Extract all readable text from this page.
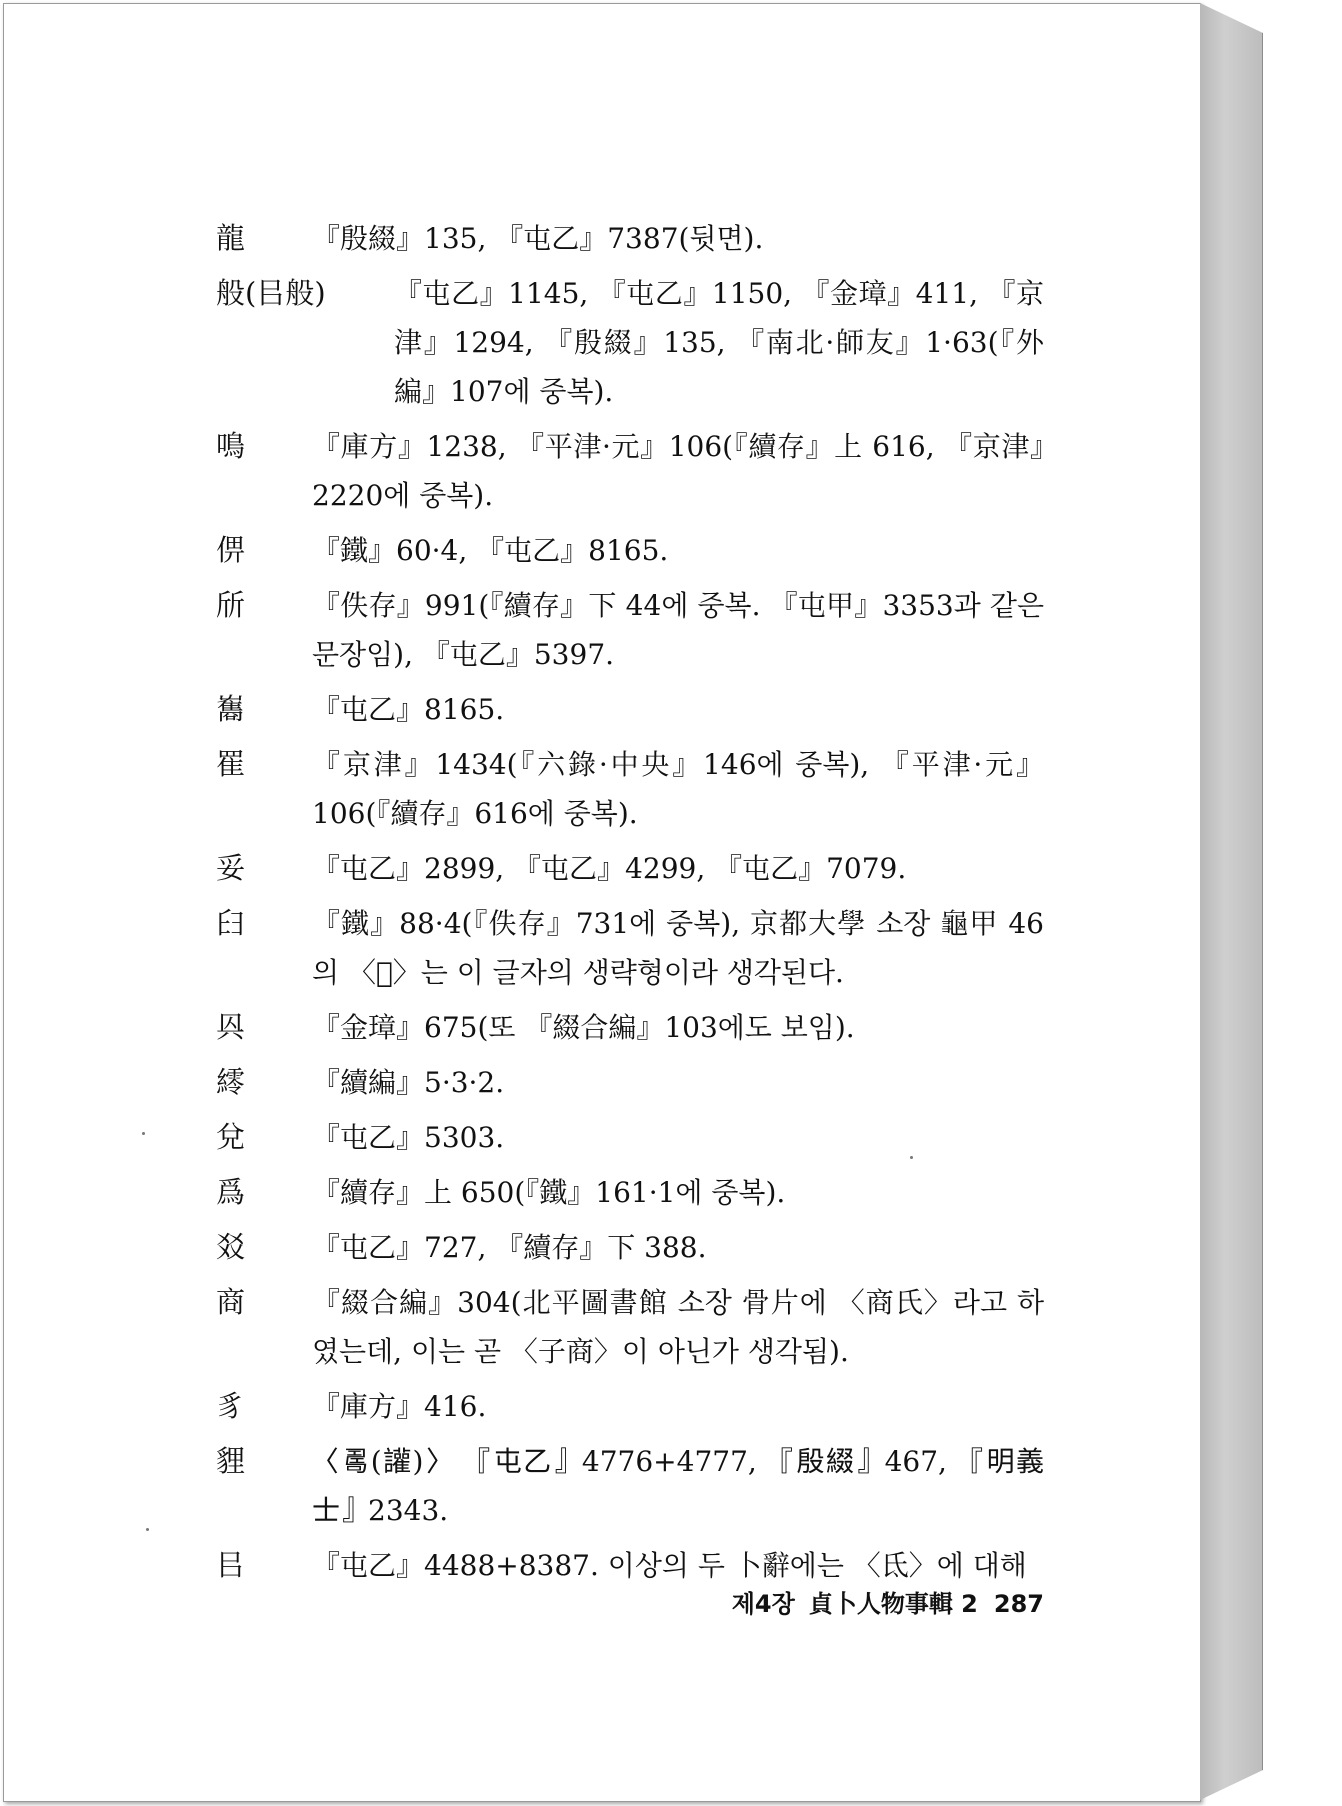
龍 『殷綴』135, 『屯乙』7387(뒷면).
般(㠯般) 『屯乙』1145, 『屯乙』1150, 『金璋』411, 『京津』1294, 『殷綴』135, 『南北·師友』1·63(『外編』107에 중복).
鳴 『庫方』1238, 『平津·元』106(『續存』上 616, 『京津』2220에 중복).
㑭 『鐵』60·4, 『屯乙』8165.
斦 『佚存』991(『續存』下 44에 중복. 『屯甲』3353과 같은 문장임), 『屯乙』5397.
雟 『屯乙』8165.
䍜 『京津』1434(『六錄·中央』146에 중복), 『平津·元』106(『續存』616에 중복).
妥 『屯乙』2899, 『屯乙』4299, 『屯乙』7079.
𦥑 『鐵』88·4(『佚存』731에 중복), 京都大學 소장 龜甲 46의 〈𤕫〉는 이 글자의 생략형이라 생각된다.
㒷 『金璋』675(또 『綴合編』103에도 보임).
䌢 『續編』5·3·2.
兌 『屯乙』5303.
爲 『續存』上 650(『鐵』161·1에 중복).
㸚 『屯乙』727, 『續存』下 388.
商 『綴合編』304(北平圖書館 소장 骨片에 〈商氏〉라고 하였는데, 이는 곧 〈子商〉이 아닌가 생각됨).
豸 『庫方』416.
貍 〈𠷎(讙)〉 『屯乙』4776+4777, 『殷綴』467, 『明義士』2343.
㠯 『屯乙』4488+8387. 이상의 두 卜辭에는 〈氐〉에 대해
제4장 貞卜人物事輯 2 287
